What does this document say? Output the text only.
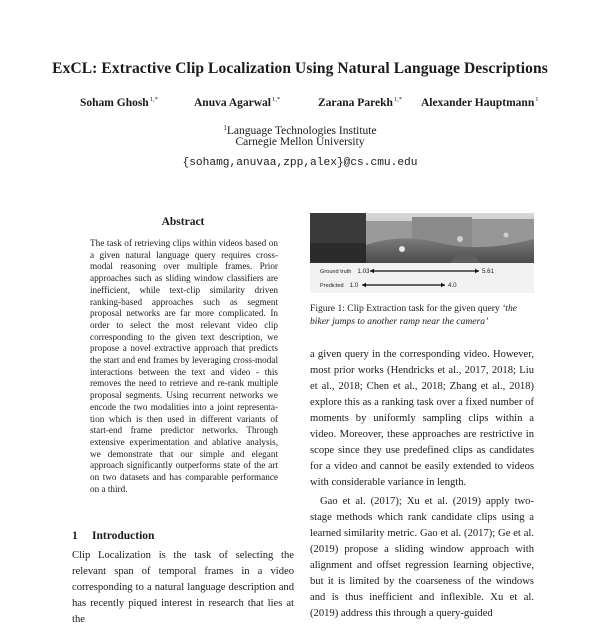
ExCL: Extractive Clip Localization Using Natural Language Descriptions
Soham Ghosh$^{1,*}$	Anuva Agarwal$^{1,*}$	Zarana Parekh$^{1,*}$ Alexander Hauptmann$^1$
$^1$Language Technologies Institute
Carnegie Mellon University
{sohamg,anuvaa,zpp,alex}@cs.cmu.edu
Abstract

The task of retrieving clips within videos based on a given natural language query requires cross-modal reasoning over multiple frames. Prior approaches such as sliding window classifiers are inefficient, while text-clip similarity driven ranking-based approaches such as segment proposal networks are far more complicated. In order to select the most relevant video clip corresponding to the given text description, we propose a novel extractive approach that predicts the start and end frames by leveraging cross-modal interactions between the text and video - this removes the need to retrieve and re-rank multiple proposal segments. Using recurrent networks we encode the two modalities into a joint representation which is then used in different variants of start-end frame predictor networks. Through extensive experimentation and ablative analysis, we demonstrate that our simple and elegant approach significantly outperforms state of the art on two datasets and has comparable performance on a third.

1 Introduction

Clip Localization is the task of selecting the relevant span of temporal frames in a video corresponding to a natural language description and has recently piqued interest in research that lies at the

Ground truth 1.03	5.61
Predicted 1.0	4.0

Figure 1: Clip Extraction task for the given query ‘the biker jumps to another ramp near the camera’

a given query in the corresponding video. However, most prior works (Hendricks et al., 2017, 2018; Liu et al., 2018; Chen et al., 2018; Zhang et al., 2018) explore this as a ranking task over a fixed number of moments by uniformly sampling clips within a video. Moreover, these approaches are restrictive in scope since they use predefined clips as candidates for a video and cannot be easily extended to videos with considerable variance in length.

Gao et al. (2017); Xu et al. (2019) apply two-stage methods which rank candidate clips using a learned similarity metric. Gao et al. (2017); Ge et al. (2019) propose a sliding window approach with alignment and offset regression learning objective, but it is limited by the coarseness of the windows and is thus inefficient and inflexible. Xu et al. (2019) address this through a query-guided
